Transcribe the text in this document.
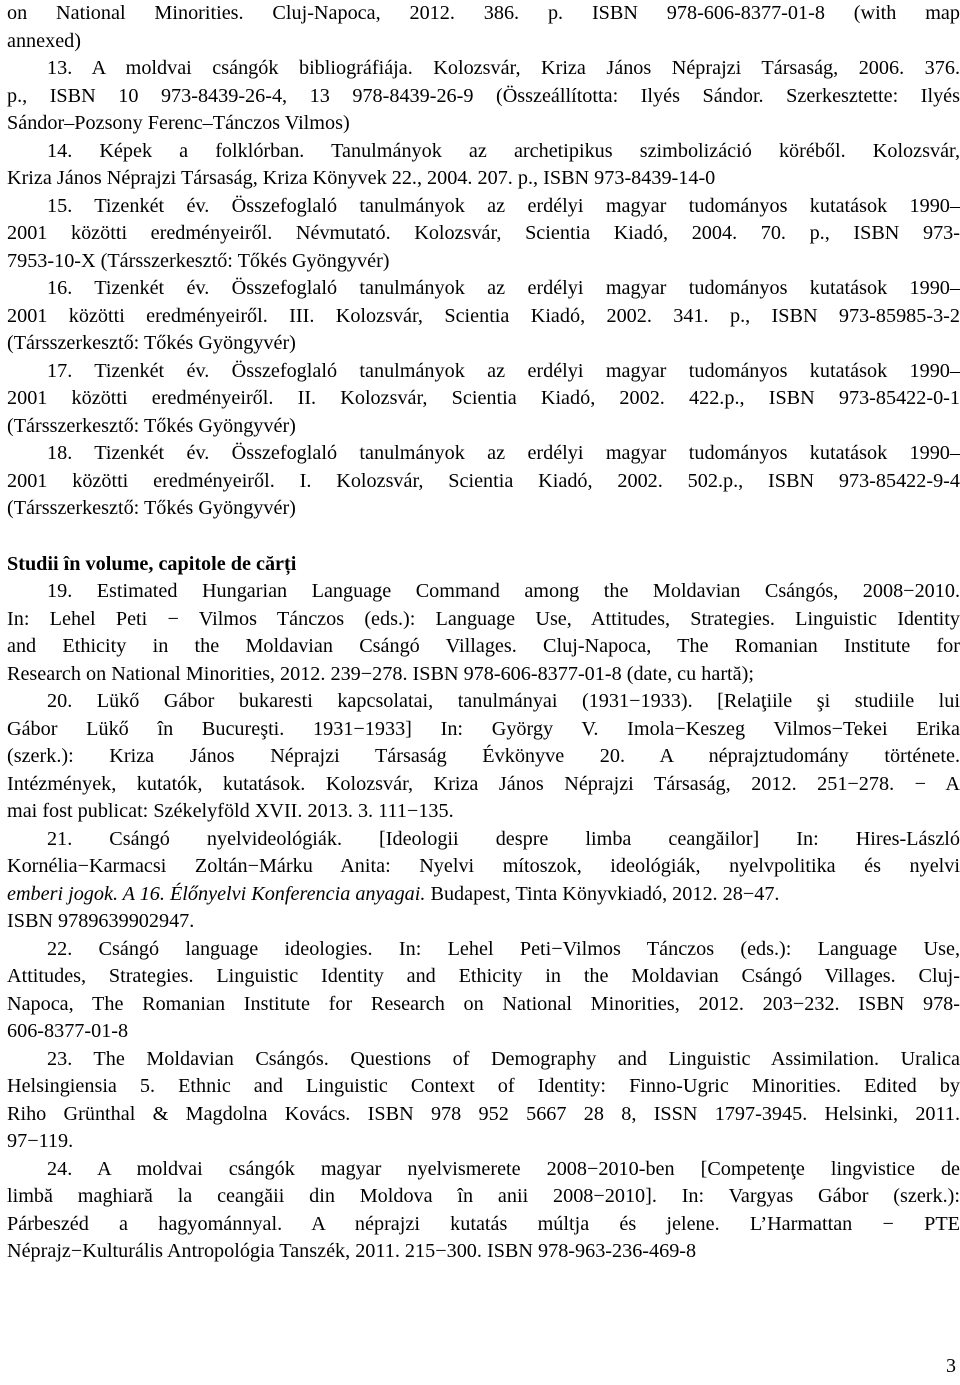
on National Minorities. Cluj-Napoca, 2012. 386. p. ISBN 978-606-8377-01-8 (with map
annexed)
13. A moldvai csángók bibliográfiája. Kolozsvár, Kriza János Néprajzi Társaság, 2006. 376.
p., ISBN 10 973-8439-26-4, 13 978-8439-26-9 (Összeállította: Ilyés Sándor. Szerkesztette: Ilyés
Sándor–Pozsony Ferenc–Tánczos Vilmos)
14. Képek a folklórban. Tanulmányok az archetipikus szimbolizáció köréből. Kolozsvár,
Kriza János Néprajzi Társaság, Kriza Könyvek 22., 2004. 207. p., ISBN 973-8439-14-0
15. Tizenkét év. Összefoglaló tanulmányok az erdélyi magyar tudományos kutatások 1990–
2001 közötti eredményeiről. Névmutató. Kolozsvár, Scientia Kiadó, 2004. 70. p., ISBN 973-
7953-10-X (Társszerkesztő: Tőkés Gyöngyvér)
16. Tizenkét év. Összefoglaló tanulmányok az erdélyi magyar tudományos kutatások 1990–
2001 közötti eredményeiről. III. Kolozsvár, Scientia Kiadó, 2002. 341. p., ISBN 973-85985-3-2
(Társszerkesztő: Tőkés Gyöngyvér)
17. Tizenkét év. Összefoglaló tanulmányok az erdélyi magyar tudományos kutatások 1990–
2001 közötti eredményeiről. II. Kolozsvár, Scientia Kiadó, 2002. 422.p., ISBN 973-85422-0-1
(Társszerkesztő: Tőkés Gyöngyvér)
18. Tizenkét év. Összefoglaló tanulmányok az erdélyi magyar tudományos kutatások 1990–
2001 közötti eredményeiről. I. Kolozsvár, Scientia Kiadó, 2002. 502.p., ISBN 973-85422-9-4
(Társszerkesztő: Tőkés Gyöngyvér)
Studii în volume, capitole de cărți
19. Estimated Hungarian Language Command among the Moldavian Csángós, 2008−2010.
In: Lehel Peti − Vilmos Tánczos (eds.): Language Use, Attitudes, Strategies. Linguistic Identity
and Ethicity in the Moldavian Csángó Villages. Cluj-Napoca, The Romanian Institute for
Research on National Minorities, 2012. 239−278. ISBN 978-606-8377-01-8 (date, cu hartă);
20. Lükő Gábor bukaresti kapcsolatai, tanulmányai (1931−1933). [Relaţiile şi studiile lui
Gábor Lükő în Bucureşti. 1931−1933] In: György V. Imola−Keszeg Vilmos−Tekei Erika
(szerk.): Kriza János Néprajzi Társaság Évkönyve 20. A néprajztudomány története.
Intézmények, kutatók, kutatások. Kolozsvár, Kriza János Néprajzi Társaság, 2012. 251−278. − A
mai fost publicat: Székelyföld XVII. 2013. 3. 111−135.
21. Csángó nyelvideológiák. [Ideologii despre limba ceangăilor] In: Hires-László
Kornélia−Karmacsi Zoltán−Márku Anita: Nyelvi mítoszok, ideológiák, nyelvpolitika és nyelvi
emberi jogok. A 16. Élőnyelvi Konferencia anyagai. Budapest, Tinta Könyvkiadó, 2012. 28−47.
ISBN 9789639902947.
22. Csángó language ideologies. In: Lehel Peti−Vilmos Tánczos (eds.): Language Use,
Attitudes, Strategies. Linguistic Identity and Ethicity in the Moldavian Csángó Villages. Cluj-
Napoca, The Romanian Institute for Research on National Minorities, 2012. 203−232. ISBN 978-
606-8377-01-8
23. The Moldavian Csángós. Questions of Demography and Linguistic Assimilation. Uralica
Helsingiensia 5. Ethnic and Linguistic Context of Identity: Finno-Ugric Minorities. Edited by
Riho Grünthal & Magdolna Kovács. ISBN 978 952 5667 28 8, ISSN 1797-3945. Helsinki, 2011.
97−119.
24. A moldvai csángók magyar nyelvismerete 2008−2010-ben [Competenţe lingvistice de
limbă maghiară la ceangăii din Moldova în anii 2008−2010]. In: Vargyas Gábor (szerk.):
Párbeszéd a hagyománnyal. A néprajzi kutatás múltja és jelene. L’Harmattan − PTE
Néprajz−Kulturális Antropológia Tanszék, 2011. 215−300. ISBN 978-963-236-469-8
3
